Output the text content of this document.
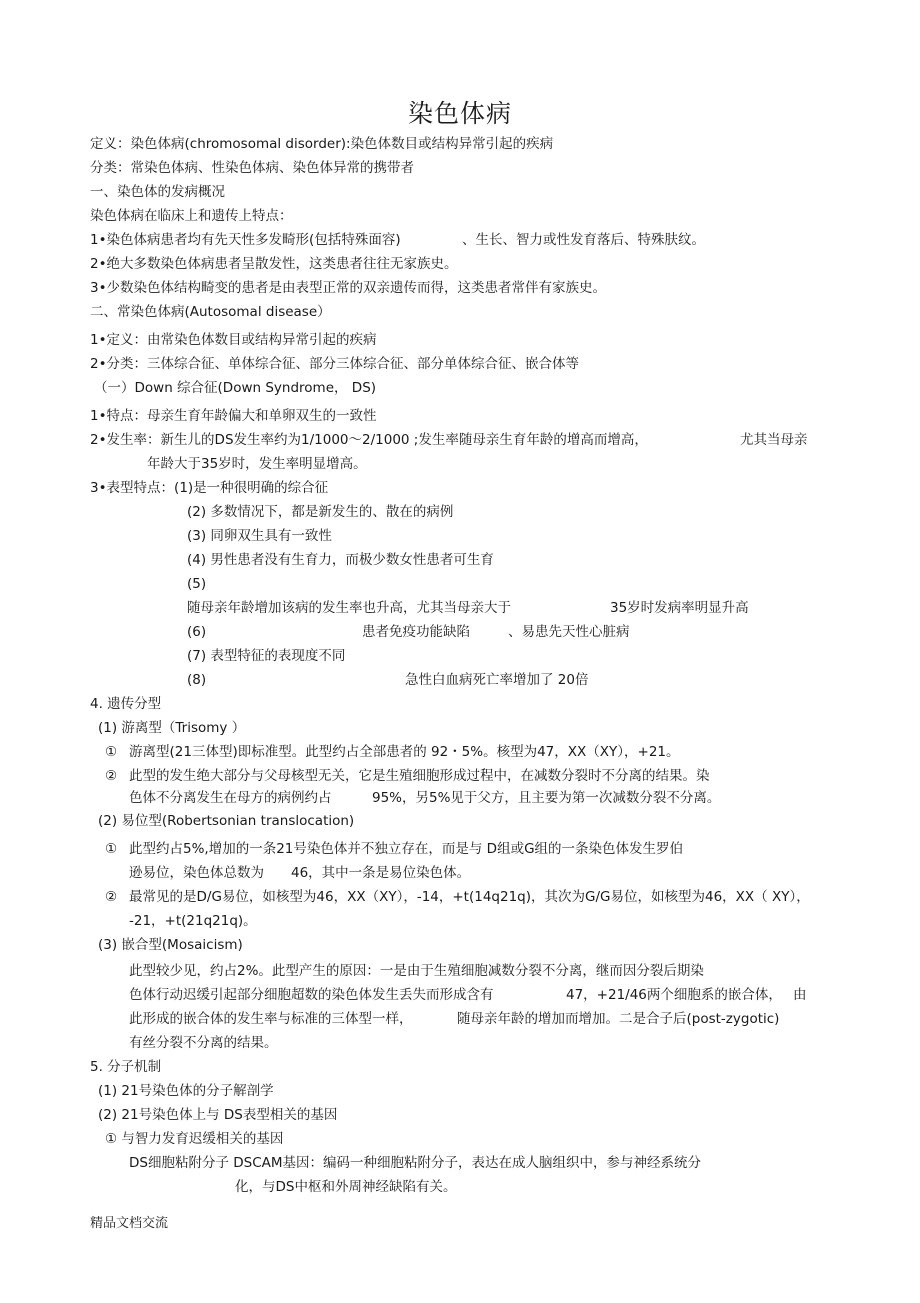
染色体病
定义：染色体病(chromosomal disorder):染色体数目或结构异常引起的疾病
分类：常染色体病、性染色体病、染色体异常的携带者
一、染色体的发病概况
染色体病在临床上和遗传上特点：
1•染色体病患者均有先天性多发畸形(包括特殊面容)	、生长、智力或性发育落后、特殊肤纹。
2•绝大多数染色体病患者呈散发性，这类患者往往无家族史。
3•少数染色体结构畸变的患者是由表型正常的双亲遗传而得，这类患者常伴有家族史。
二、常染色体病(Autosomal disease）
1•定义：由常染色体数目或结构异常引起的疾病
2•分类：三体综合征、单体综合征、部分三体综合征、部分单体综合征、嵌合体等
（一）Down 综合征(Down Syndrome， DS)
1•特点：母亲生育年龄偏大和单卵双生的一致性
2•发生率：新生儿的DS发生率约为1/1000～2/1000 ;发生率随母亲生育年龄的增高而增高，	尤其当母亲
年龄大于35岁时，发生率明显增高。
3•表型特点：(1)是一种很明确的综合征
(2) 多数情况下，都是新发生的、散在的病例
(3) 同卵双生具有一致性
(4) 男性患者没有生育力，而极少数女性患者可生育
(5)
随母亲年龄增加该病的发生率也升高，尤其当母亲大于	35岁时发病率明显升高
(6)	患者免疫功能缺陷	、易患先天性心脏病
(7) 表型特征的表现度不同
(8)	急性白血病死亡率增加了 20倍
4. 遗传分型
(1) 游离型（Trisomy ）
① 游离型(21三体型)即标准型。此型约占全部患者的 92・5%。核型为47，XX（XY），+21。
② 此型的发生绝大部分与父母核型无关，它是生殖细胞形成过程中，在减数分裂时不分离的结果。染
色体不分离发生在母方的病例约占	95%，另5%见于父方，且主要为第一次减数分裂不分离。
(2) 易位型(Robertsonian translocation)
① 此型约占5%,增加的一条21号染色体并不独立存在，而是与 D组或G组的一条染色体发生罗伯
逊易位，染色体总数为 46，其中一条是易位染色体。
② 最常见的是D/G易位，如核型为46，XX（XY），-14，+t(14q21q)，其次为G/G易位，如核型为46，XX（ XY），
-21，+t(21q21q)。
(3) 嵌合型(Mosaicism)
此型较少见，约占2%。此型产生的原因：一是由于生殖细胞减数分裂不分离，继而因分裂后期染
色体行动迟缓引起部分细胞超数的染色体发生丢失而形成含有	47，+21/46两个细胞系的嵌合体， 由
此形成的嵌合体的发生率与标准的三体型一样，	随母亲年龄的增加而增加。二是合子后(post-zygotic)
有丝分裂不分离的结果。
5. 分子机制
(1) 21号染色体的分子解剖学
(2) 21号染色体上与 DS表型相关的基因
① 与智力发育迟缓相关的基因
DS细胞粘附分子 DSCAM基因：编码一种细胞粘附分子，表达在成人脑组织中，参与神经系统分
化，与DS中枢和外周神经缺陷有关。
精品文档交流
